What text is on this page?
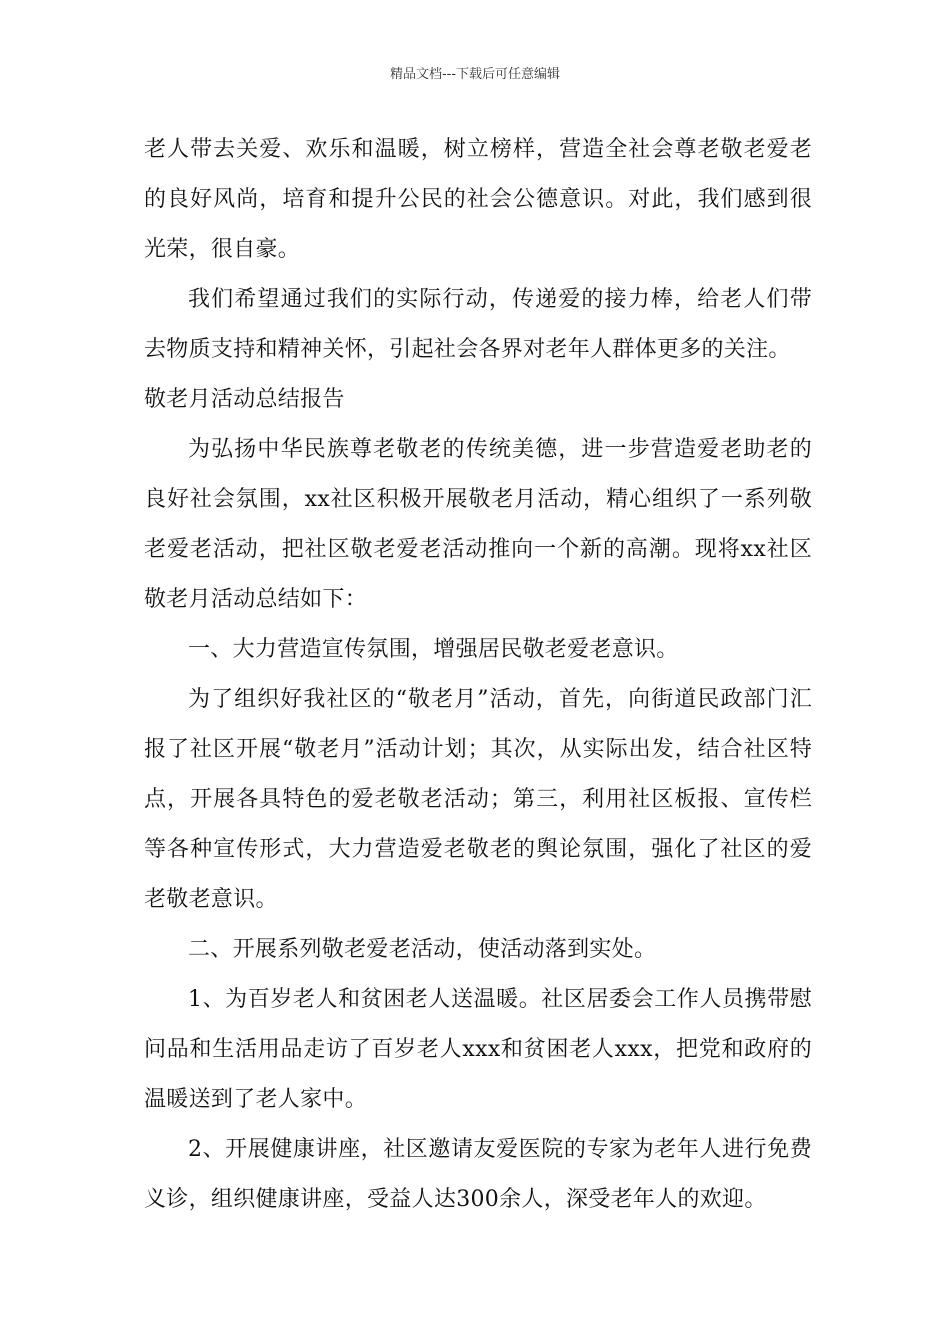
精品文档---下载后可任意编辑

老人带去关爱、欢乐和温暖，树立榜样，营造全社会尊老敬老爱老的良好风尚，培育和提升公民的社会公德意识。对此，我们感到很光荣，很自豪。

我们希望通过我们的实际行动，传递爱的接力棒，给老人们带去物质支持和精神关怀，引起社会各界对老年人群体更多的关注。

敬老月活动总结报告

为弘扬中华民族尊老敬老的传统美德，进一步营造爱老助老的良好社会氛围，xx社区积极开展敬老月活动，精心组织了一系列敬老爱老活动，把社区敬老爱老活动推向一个新的高潮。现将xx社区敬老月活动总结如下：

一、大力营造宣传氛围，增强居民敬老爱老意识。

为了组织好我社区的“敬老月”活动，首先，向街道民政部门汇报了社区开展“敬老月”活动计划；其次，从实际出发，结合社区特点，开展各具特色的爱老敬老活动；第三，利用社区板报、宣传栏等各种宣传形式，大力营造爱老敬老的舆论氛围，强化了社区的爱老敬老意识。

二、开展系列敬老爱老活动，使活动落到实处。

1、为百岁老人和贫困老人送温暖。社区居委会工作人员携带慰问品和生活用品走访了百岁老人xxx和贫困老人xxx，把党和政府的温暖送到了老人家中。

2、开展健康讲座，社区邀请友爱医院的专家为老年人进行免费义诊，组织健康讲座，受益人达300余人，深受老年人的欢迎。
